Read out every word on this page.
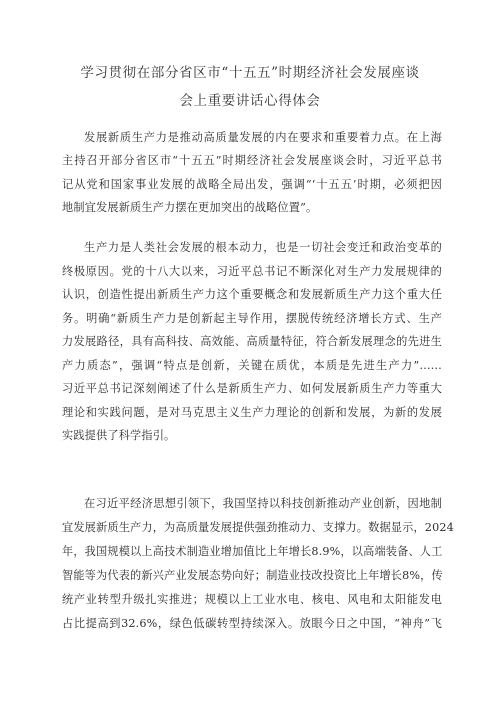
学习贯彻在部分省区市“十五五”时期经济社会发展座谈
会上重要讲话心得体会
发展新质生产力是推动高质量发展的内在要求和重要着力点。在上海
主持召开部分省区市“十五五”时期经济社会发展座谈会时，习近平总书
记从党和国家事业发展的战略全局出发，强调“‘十五五’时期，必须把因
地制宜发展新质生产力摆在更加突出的战略位置”。
生产力是人类社会发展的根本动力，也是一切社会变迁和政治变革的
终极原因。党的十八大以来，习近平总书记不断深化对生产力发展规律的
认识，创造性提出新质生产力这个重要概念和发展新质生产力这个重大任
务。明确“新质生产力是创新起主导作用，摆脱传统经济增长方式、生产
力发展路径，具有高科技、高效能、高质量特征，符合新发展理念的先进生
产力质态”，强调“特点是创新，关键在质优，本质是先进生产力”……
习近平总书记深刻阐述了什么是新质生产力、如何发展新质生产力等重大
理论和实践问题，是对马克思主义生产力理论的创新和发展，为新的发展
实践提供了科学指引。
在习近平经济思想引领下，我国坚持以科技创新推动产业创新，因地制
宜发展新质生产力，为高质量发展提供强劲推动力、支撑力。数据显示，2024
年，我国规模以上高技术制造业增加值比上年增长8.9%，以高端装备、人工
智能等为代表的新兴产业发展态势向好；制造业技改投资比上年增长8%，传
统产业转型升级扎实推进；规模以上工业水电、核电、风电和太阳能发电
占比提高到32.6%，绿色低碳转型持续深入。放眼今日之中国，“神舟”飞
